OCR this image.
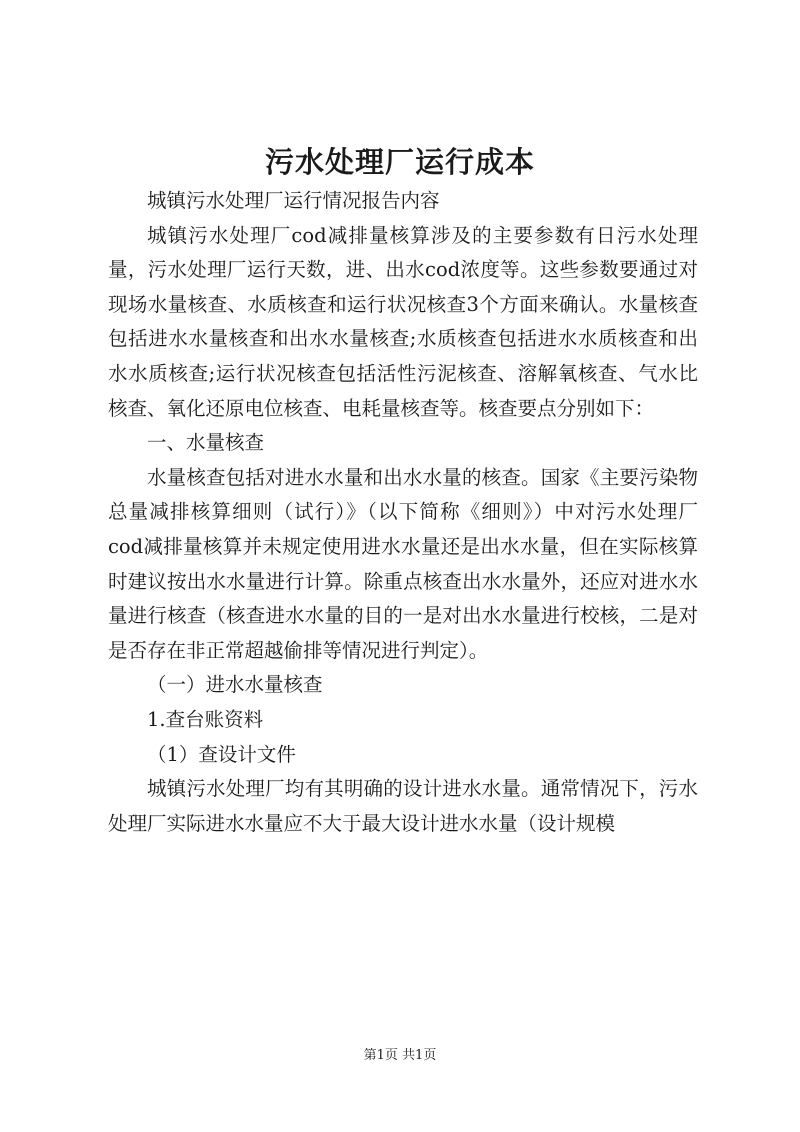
污水处理厂运行成本

城镇污水处理厂运行情况报告内容

城镇污水处理厂cod减排量核算涉及的主要参数有日污水处理量，污水处理厂运行天数，进、出水cod浓度等。这些参数要通过对现场水量核查、水质核查和运行状况核查3个方面来确认。水量核查包括进水水量核查和出水水量核查;水质核查包括进水水质核查和出水水质核查;运行状况核查包括活性污泥核查、溶解氧核查、气水比核查、氧化还原电位核查、电耗量核查等。核查要点分别如下：

一、水量核查

水量核查包括对进水水量和出水水量的核查。国家《主要污染物总量减排核算细则（试行）》（以下简称《细则》）中对污水处理厂cod减排量核算并未规定使用进水水量还是出水水量，但在实际核算时建议按出水水量进行计算。除重点核查出水水量外，还应对进水水量进行核查（核查进水水量的目的一是对出水水量进行校核，二是对是否存在非正常超越偷排等情况进行判定）。

（一）进水水量核查

1.查台账资料

（1）查设计文件

城镇污水处理厂均有其明确的设计进水水量。通常情况下，污水处理厂实际进水水量应不大于最大设计进水水量（设计规模

第1页 共1页
